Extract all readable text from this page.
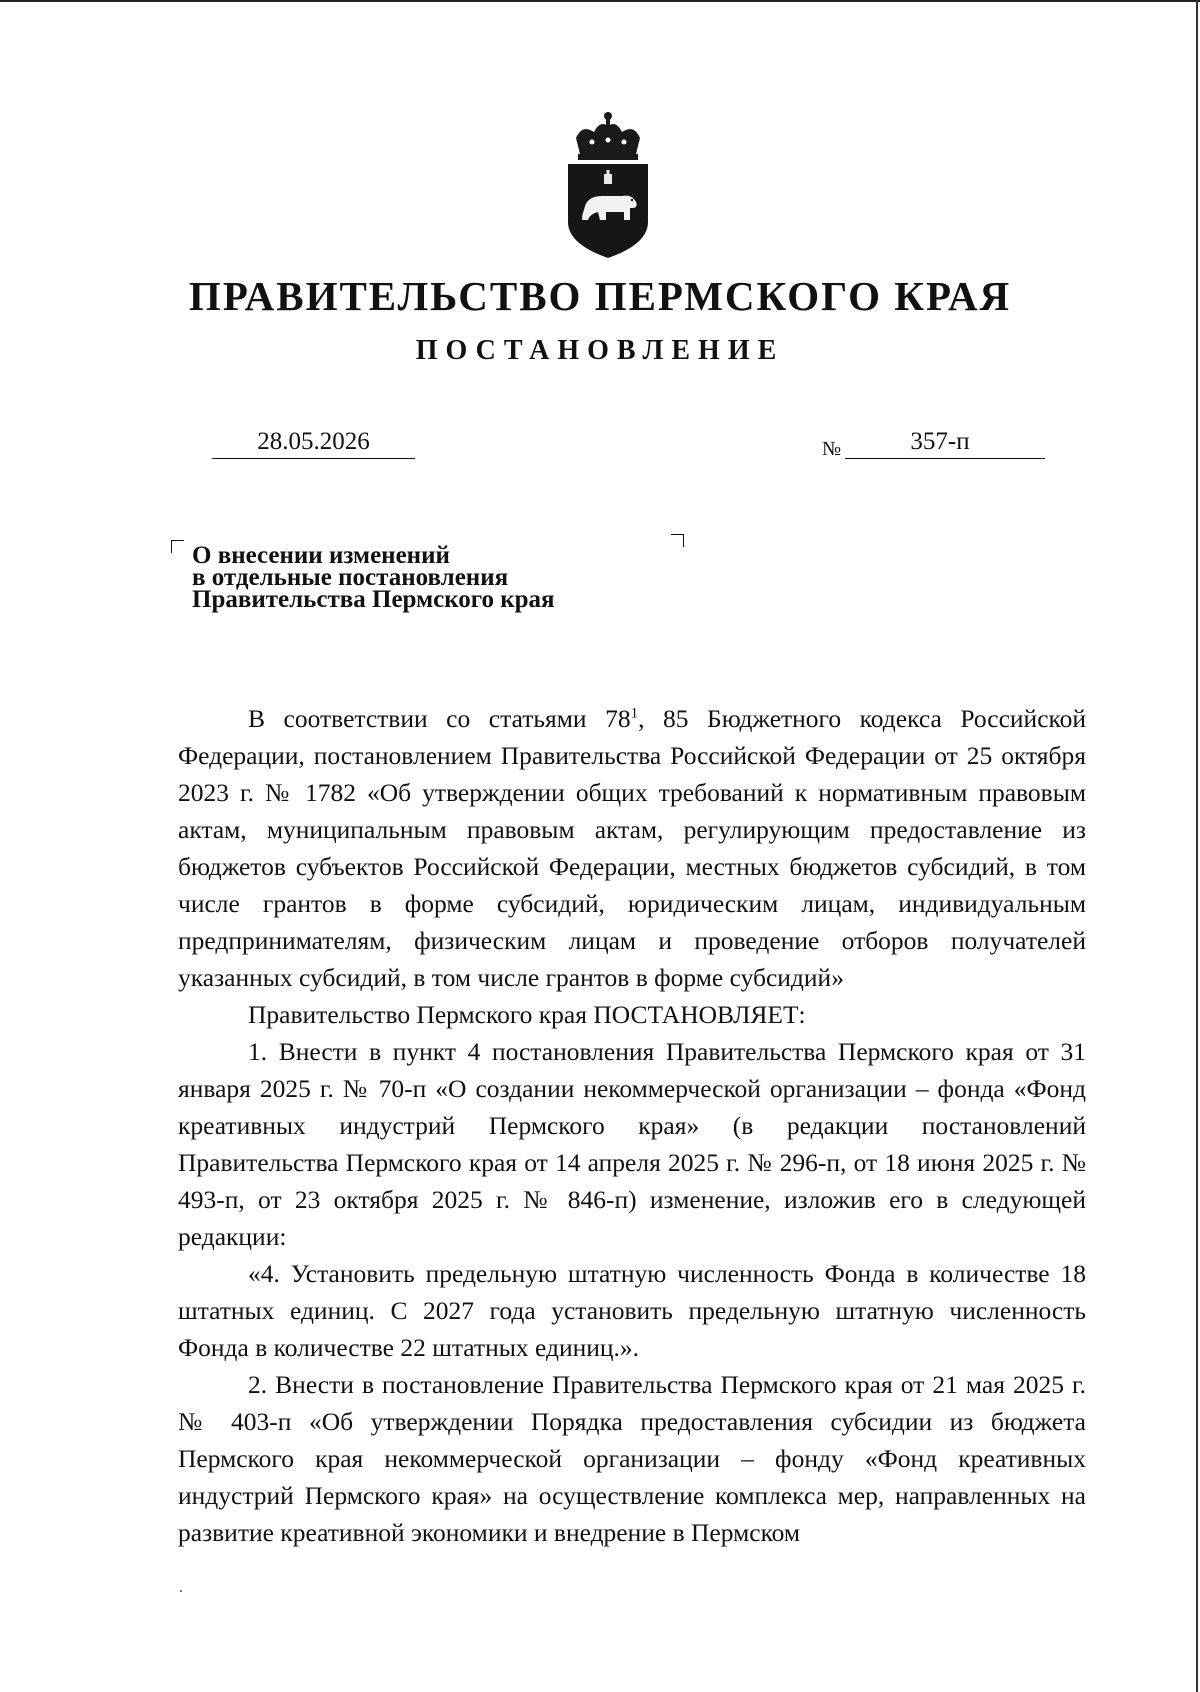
ПРАВИТЕЛЬСТВО ПЕРМСКОГО КРАЯ
ПОСТАНОВЛЕНИЕ
28.05.2026	№	357-п
О внесении изменений
в отдельные постановления
Правительства Пермского края

В соответствии со статьями $78^1$, 85 Бюджетного кодекса Российской Федерации, постановлением Правительства Российской Федерации от 25 октября 2023 г. № 1782 «Об утверждении общих требований к нормативным правовым актам, муниципальным правовым актам, регулирующим предоставление из бюджетов субъектов Российской Федерации, местных бюджетов субсидий, в том числе грантов в форме субсидий, юридическим лицам, индивидуальным предпринимателям, физическим лицам и проведение отборов получателей указанных субсидий, в том числе грантов в форме субсидий»

Правительство Пермского края ПОСТАНОВЛЯЕТ:

1. Внести в пункт 4 постановления Правительства Пермского края от 31 января 2025 г. № 70-п «О создании некоммерческой организации – фонда «Фонд креативных индустрий Пермского края» (в редакции постановлений Правительства Пермского края от 14 апреля 2025 г. № 296-п, от 18 июня 2025 г. № 493-п, от 23 октября 2025 г. № 846-п) изменение, изложив его в следующей редакции:

«4. Установить предельную штатную численность Фонда в количестве 18 штатных единиц. С 2027 года установить предельную штатную численность Фонда в количестве 22 штатных единиц.».

2. Внести в постановление Правительства Пермского края от 21 мая 2025 г. № 403-п «Об утверждении Порядка предоставления субсидии из бюджета Пермского края некоммерческой организации – фонду «Фонд креативных индустрий Пермского края» на осуществление комплекса мер, направленных на развитие креативной экономики и внедрение в Пермском
